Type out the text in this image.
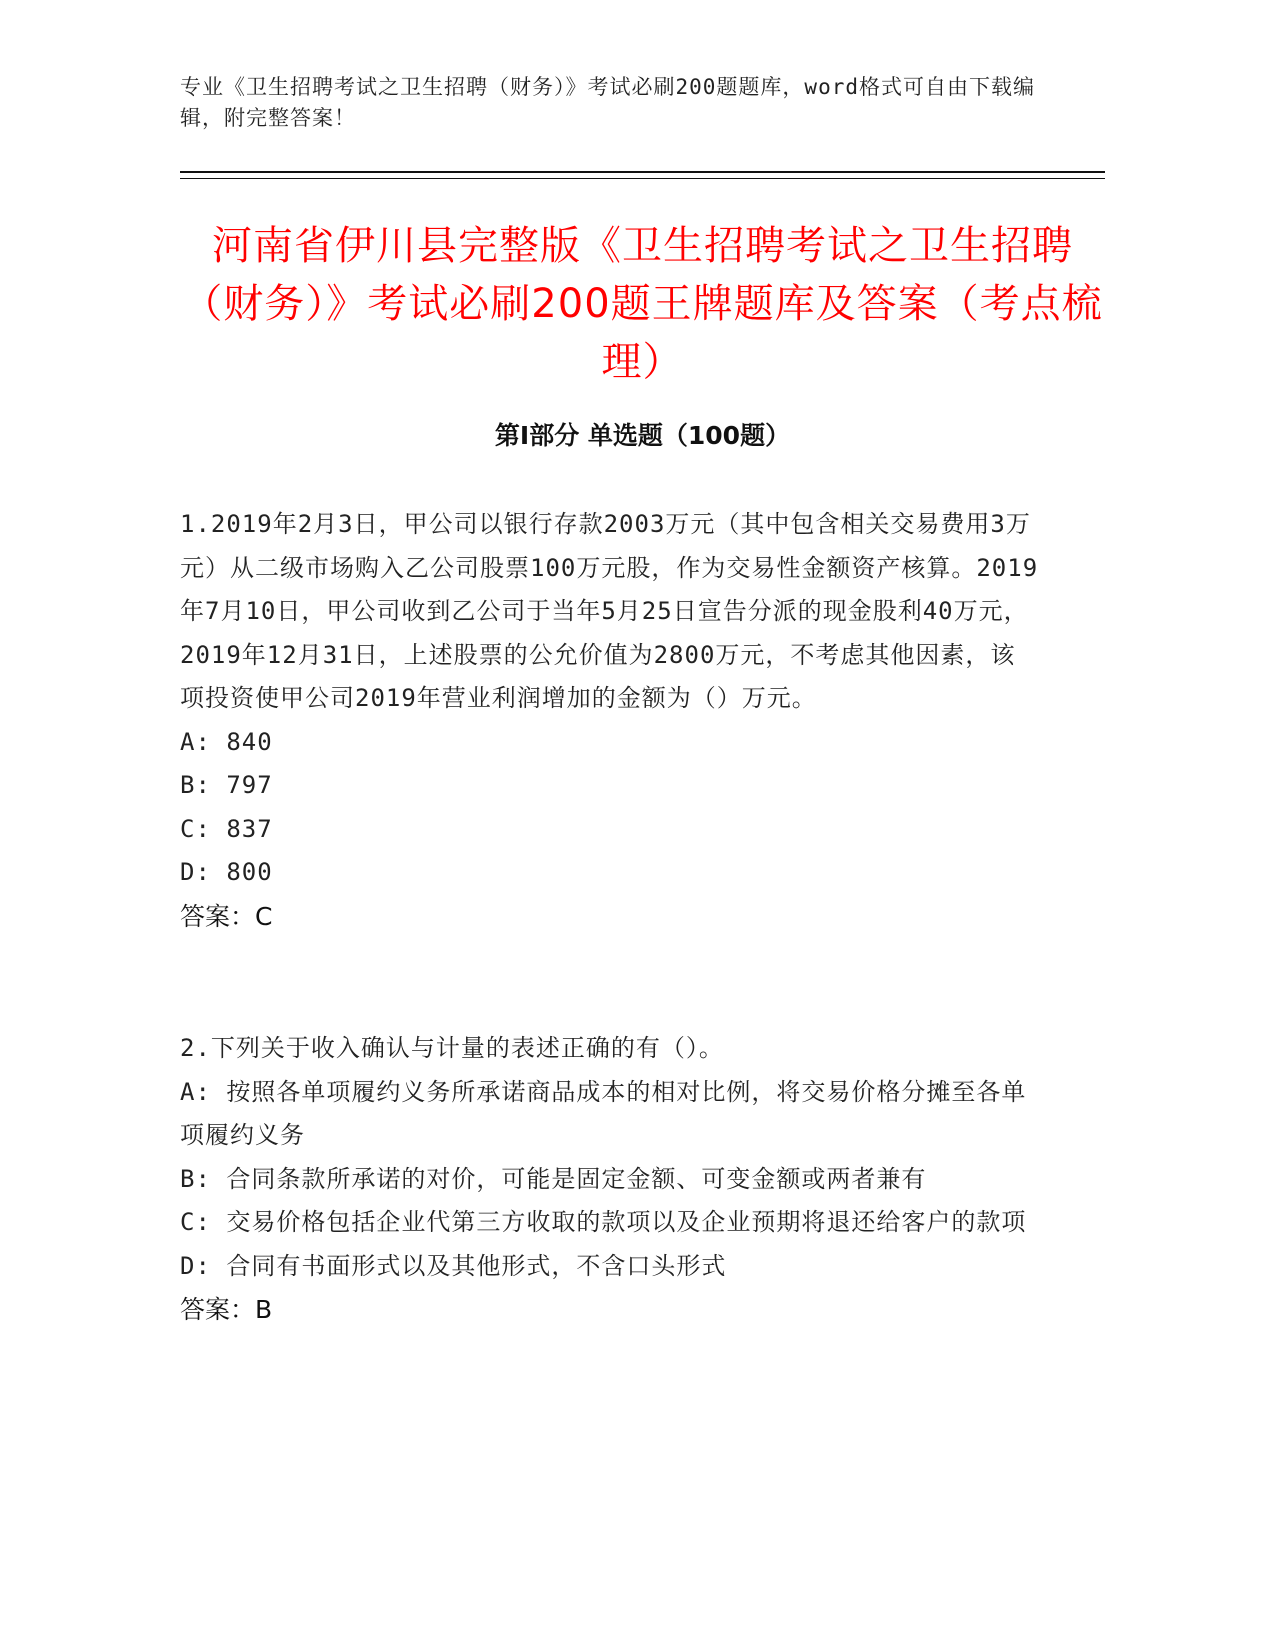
专业《卫生招聘考试之卫生招聘（财务）》考试必刷200题题库，word格式可自由下载编辑，附完整答案！
河南省伊川县完整版《卫生招聘考试之卫生招聘（财务）》考试必刷200题王牌题库及答案（考点梳理）
第I部分 单选题（100题）

1.2019年2月3日，甲公司以银行存款2003万元（其中包含相关交易费用3万元）从二级市场购入乙公司股票100万元股，作为交易性金额资产核算。2019年7月10日，甲公司收到乙公司于当年5月25日宣告分派的现金股利40万元，2019年12月31日，上述股票的公允价值为2800万元，不考虑其他因素，该项投资使甲公司2019年营业利润增加的金额为（）万元。

A: 840

B: 797

C: 837

D: 800

答案：C

2.下列关于收入确认与计量的表述正确的有（）。

A: 按照各单项履约义务所承诺商品成本的相对比例，将交易价格分摊至各单项履约义务

B: 合同条款所承诺的对价，可能是固定金额、可变金额或两者兼有

C: 交易价格包括企业代第三方收取的款项以及企业预期将退还给客户的款项

D: 合同有书面形式以及其他形式，不含口头形式

答案：B
